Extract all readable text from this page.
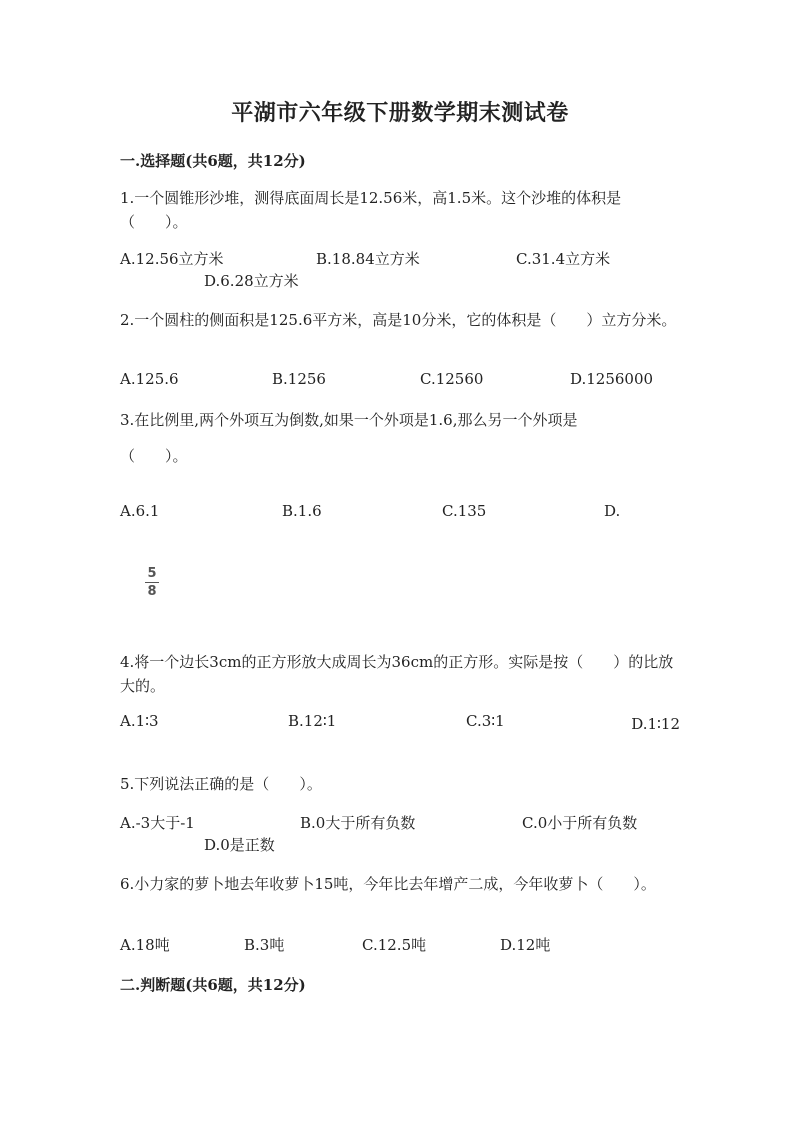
平湖市六年级下册数学期末测试卷
一.选择题(共6题，共12分)
1.一个圆锥形沙堆，测得底面周长是12.56米，高1.5米。这个沙堆的体积是（　　）。
A.12.56立方米	B.18.84立方米	C.31.4立方米
D.6.28立方米
2.一个圆柱的侧面积是125.6平方米，高是10分米，它的体积是（　　）立方分米。
A.125.6	B.1256	C.12560	D.1256000
3.在比例里,两个外项互为倒数,如果一个外项是1.6,那么另一个外项是
（　　）。
A.6.1	B.1.6	C.135	D.
5
8
4.将一个边长3cm的正方形放大成周长为36cm的正方形。实际是按（　　）的比放大的。
A.1∶3	B.12∶1	C.3∶1	D.1∶12
5.下列说法正确的是（　　）。
A.-3大于-1	B.0大于所有负数	C.0小于所有负数
D.0是正数
6.小力家的萝卜地去年收萝卜15吨，今年比去年增产二成，今年收萝卜（　　）。
A.18吨	B.3吨	C.12.5吨	D.12吨
二.判断题(共6题，共12分)
